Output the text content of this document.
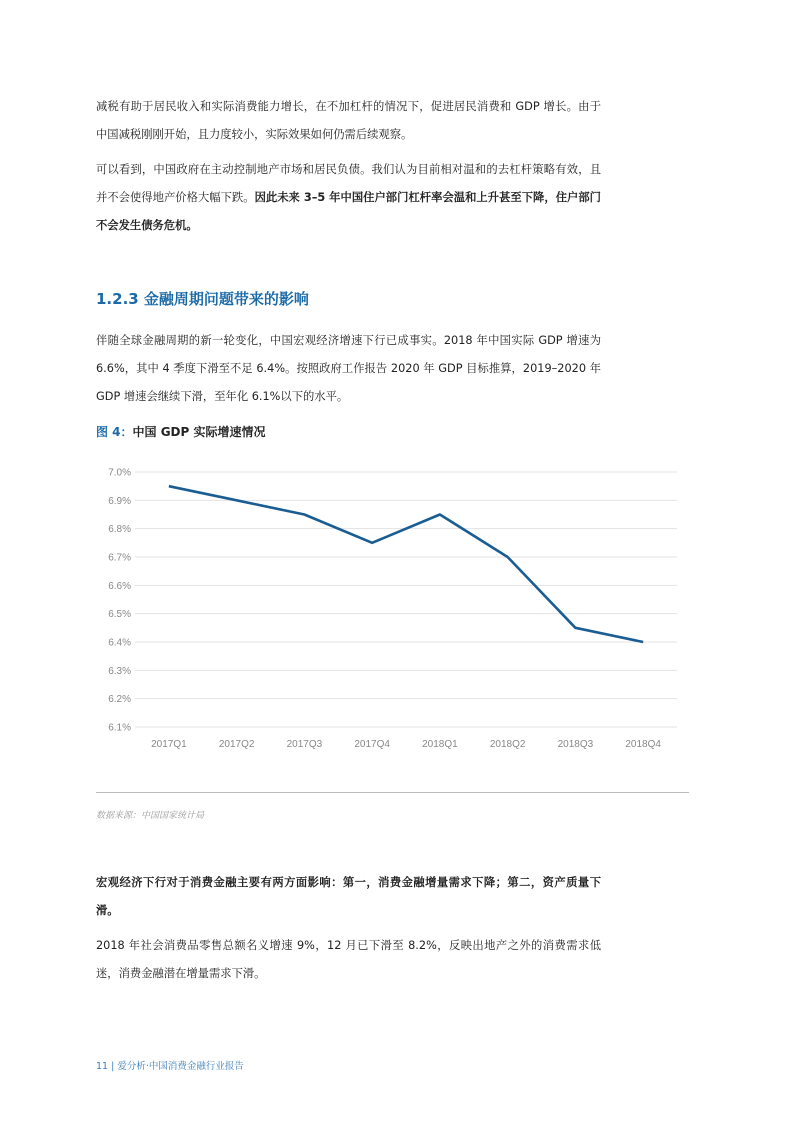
减税有助于居民收入和实际消费能力增长，在不加杠杆的情况下，促进居民消费和 GDP 增长。由于中国减税刚刚开始，且力度较小，实际效果如何仍需后续观察。
可以看到，中国政府在主动控制地产市场和居民负债。我们认为目前相对温和的去杠杆策略有效，且并不会使得地产价格大幅下跌。因此未来 3–5 年中国住户部门杠杆率会温和上升甚至下降，住户部门不会发生债务危机。
1.2.3 金融周期问题带来的影响
伴随全球金融周期的新一轮变化，中国宏观经济增速下行已成事实。2018 年中国实际 GDP 增速为 6.6%，其中 4 季度下滑至不足 6.4%。按照政府工作报告 2020 年 GDP 目标推算，2019–2020 年 GDP 增速会继续下滑，至年化 6.1%以下的水平。
图 4：中国 GDP 实际增速情况
6.1%
6.2%
6.3%
6.4%
6.5%
6.6%
6.7%
6.8%
6.9%
7.0%
2017Q1	2017Q2	2017Q3	2017Q4	2018Q1	2018Q2	2018Q3	2018Q4
数据来源：中国国家统计局
宏观经济下行对于消费金融主要有两方面影响：第一，消费金融增量需求下降；第二，资产质量下滑。
2018 年社会消费品零售总额名义增速 9%，12 月已下滑至 8.2%，反映出地产之外的消费需求低迷，消费金融潜在增量需求下滑。
11 | 爱分析·中国消费金融行业报告
